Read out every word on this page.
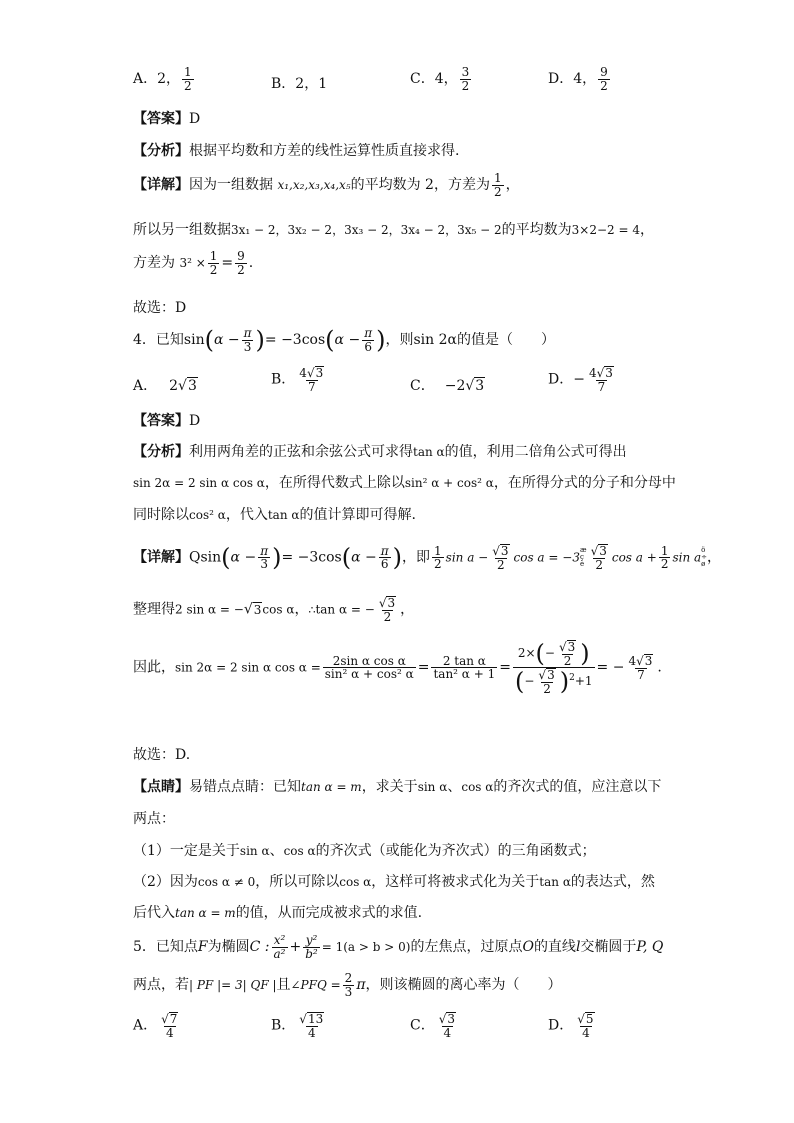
A．2， $\frac{1}{2}$	B．2，1	C．4， $\frac{3}{2}$	D．4， $\frac{9}{2}$
【答案】D
【分析】根据平均数和方差的线性运算性质直接求得.
【详解】因为一组数据 x₁,x₂,x₃,x₄,x₅的平均数为 2，方差为 $\frac{1}{2}$ ，
所以另一组数据3x₁ − 2，3x₂ − 2，3x₃ − 2，3x₄ − 2，3x₅ − 2的平均数为3×2−2 = 4，
方差为 $3^2 \times \frac{1}{2} = \frac{9}{2}$ .
故选：D
4．已知$\sin(\alpha - \frac{\pi}{3}$ )= $-3\cos(\alpha - \frac{\pi}{6}$ )，则sin 2α的值是（　　）
A． 2√3	B． $\frac{4√3}{7}$	C． −2√3	D．− $\frac{4√3}{7}$
【答案】D
【分析】利用两角差的正弦和余弦公式可求得tan α的值，利用二倍角公式可得出
sin 2α = 2 sin α cos α，在所得代数式上除以sin² α + cos² α，在所得分式的分子和分母中
同时除以cos² α，代入tan α的值计算即可得解.
【详解】$Qsin(\alpha - \frac{\pi}{3}$ )= $-3\cos(\alpha - \frac{\pi}{6}$ )，即 $\frac{1}{2}$ $\sin a - \frac{√3}{2}$ cos a = −3æ
ç
è $\frac{√3}{2}$ $\cos a + \frac{1}{2}$ sin aö
÷
ø ，
整理得2 sin α = −√3cos α，∴tan α = − $\frac{√3}{2}$ ，
因此，sin 2α = 2 sin α $\cos \alpha = \frac{\text{2sin α cos α}}{\text{sin² α + cos² α}} = \frac{\text{2 tan α}}{\text{tan² α + 1}} = \frac{2\times(- \frac{√3}{2} )}{(- \frac{√3}{2} )^2+1}$ = − $\frac{4√3}{7}$ .
故选：D.
【点睛】易错点点睛：已知tan α = m，求关于sin α、cos α的齐次式的值，应注意以下
两点：
（1）一定是关于sin α、cos α的齐次式（或能化为齐次式）的三角函数式；
（2）因为cos α ≠ 0，所以可除以cos α，这样可将被求式化为关于tan α的表达式，然
后代入tan α = m的值，从而完成被求式的求值.
5．已知点F为椭圆C : $\frac{\text{x²}}{\text{a²}} + \frac{\text{y²}}{\text{b²}} = 1(a > b > 0)$的左焦点，过原点O的直线l交椭圆于P, Q
两点，若| PF |= 3| QF |且∠PFQ = $\frac{2}{3}$ π，则该椭圆的离心率为（　　）
A． $\frac{√7}{4}$	B． $\frac{√13}{4}$	C． $\frac{√3}{4}$	D． $\frac{√5}{4}$
